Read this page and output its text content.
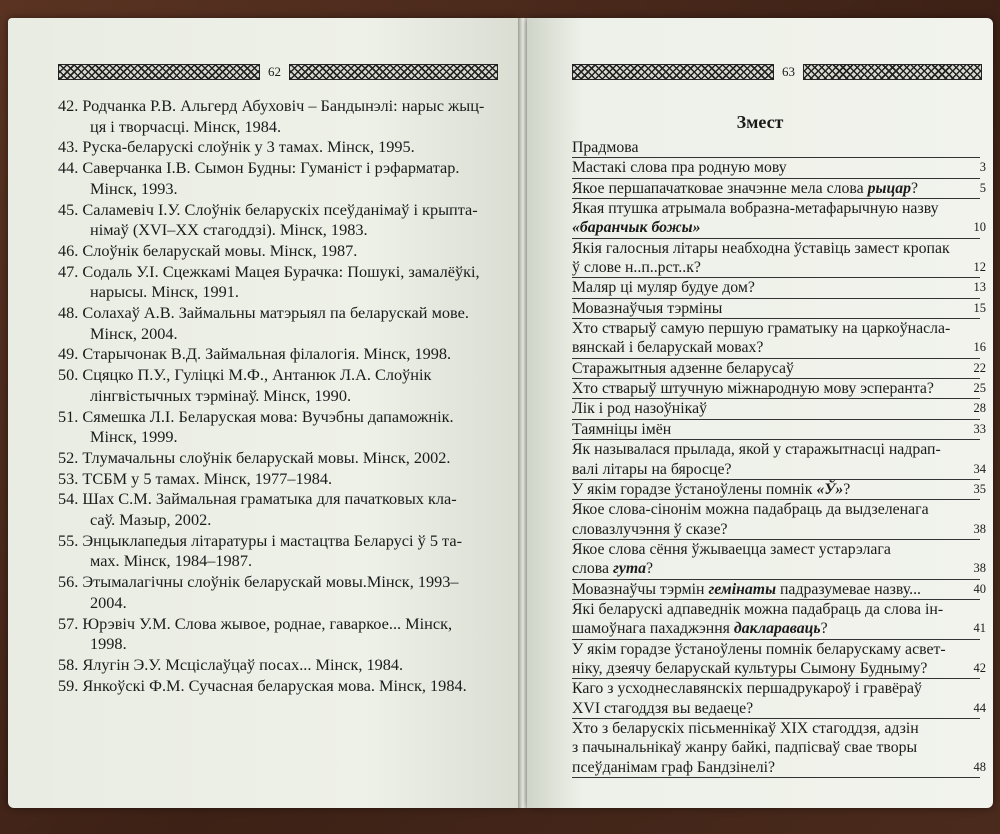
62
42. Родчанка Р.В. Альгерд Абуховіч – Бандынэлі: нарыс жыц-
ця і творчасці. Мінск, 1984.
43. Руска-беларускі слоўнік у 3 тамах. Мінск, 1995.
44. Саверчанка І.В. Сымон Будны: Гуманіст і рэфарматар.
Мінск, 1993.
45. Саламевіч І.У. Слоўнік беларускіх псеўданімаў і крыпта-
німаў (XVI–XX стагоддзі). Мінск, 1983.
46. Слоўнік беларускай мовы. Мінск, 1987.
47. Содаль У.І. Сцежкамі Мацея Бурачка: Пошукі, замалёўкі,
нарысы. Мінск, 1991.
48. Солахаў А.В. Займальны матэрыял па беларускай мове.
Мінск, 2004.
49. Старычонак В.Д. Займальная філалогія. Мінск, 1998.
50. Сцяцко П.У., Гуліцкі М.Ф., Антанюк Л.А. Слоўнік
лінгвістычных тэрмінаў. Мінск, 1990.
51. Сямешка Л.І. Беларуская мова: Вучэбны дапаможнік.
Мінск, 1999.
52. Тлумачальны слоўнік беларускай мовы. Мінск, 2002.
53. ТСБМ у 5 тамах. Мінск, 1977–1984.
54. Шах С.М. Займальная граматыка для пачатковых кла-
саў. Мазыр, 2002.
55. Энцыклапедыя літаратуры і мастацтва Беларусі ў 5 та-
мах. Мінск, 1984–1987.
56. Этымалагічны слоўнік беларускай мовы.Мінск, 1993–
2004.
57. Юрэвіч У.М. Слова жывое, роднае, гаваркое... Мінск,
1998.
58. Ялугін Э.У. Мсціслаўцаў посах... Мінск, 1984.
59. Янкоўскі Ф.М. Сучасная беларуская мова. Мінск, 1984.
63
Змест
Прадмова
Мастакі слова пра родную мову	3
Якое першапачатковае значэнне мела слова рыцар?	5
Якая птушка атрымала вобразна-метафарычную назву
«баранчык божы»	10
Якія галосныя літары неабходна ўставіць замест кропак
ў слове н..п..рст..к?	12
Маляр ці муляр будуе дом?	13
Мовазнаўчыя тэрміны	15
Хто стварыў самую першую граматыку на царкоўнасла-
вянскай і беларускай мовах?	16
Старажытныя адзенне беларусаў	22
Хто стварыў штучную міжнародную мову эсперанта?	25
Лік і род назоўнікаў	28
Таямніцы імён	33
Як называлася прылада, якой у старажытнасці надрап-
валі літары на бяросце?	34
У якім горадзе ўстаноўлены помнік «Ў»?	35
Якое слова-сінонім можна падабраць да выдзеленага
словазлучэння ў сказе?	38
Якое слова сёння ўжываецца замест устарэлага
слова гута?	38
Мовазнаўчы тэрмін гемінаты падразумевае назву...	40
Які беларускі адпаведнік можна падабраць да слова ін-
шамоўнага пахаджэння даклараваць?	41
У якім горадзе ўстаноўлены помнік беларускаму асвет-
ніку, дзеячу беларускай культуры Сымону Будныму?	42
Каго з усходнеславянскіх першадрукароў і гравёраў
XVI стагоддзя вы ведаеце?	44
Хто з беларускіх пісьменнікаў XIX стагоддзя, адзін
з пачынальнікаў жанру байкі, падпісваў свае творы
псеўданімам граф Бандзінелі?	48
